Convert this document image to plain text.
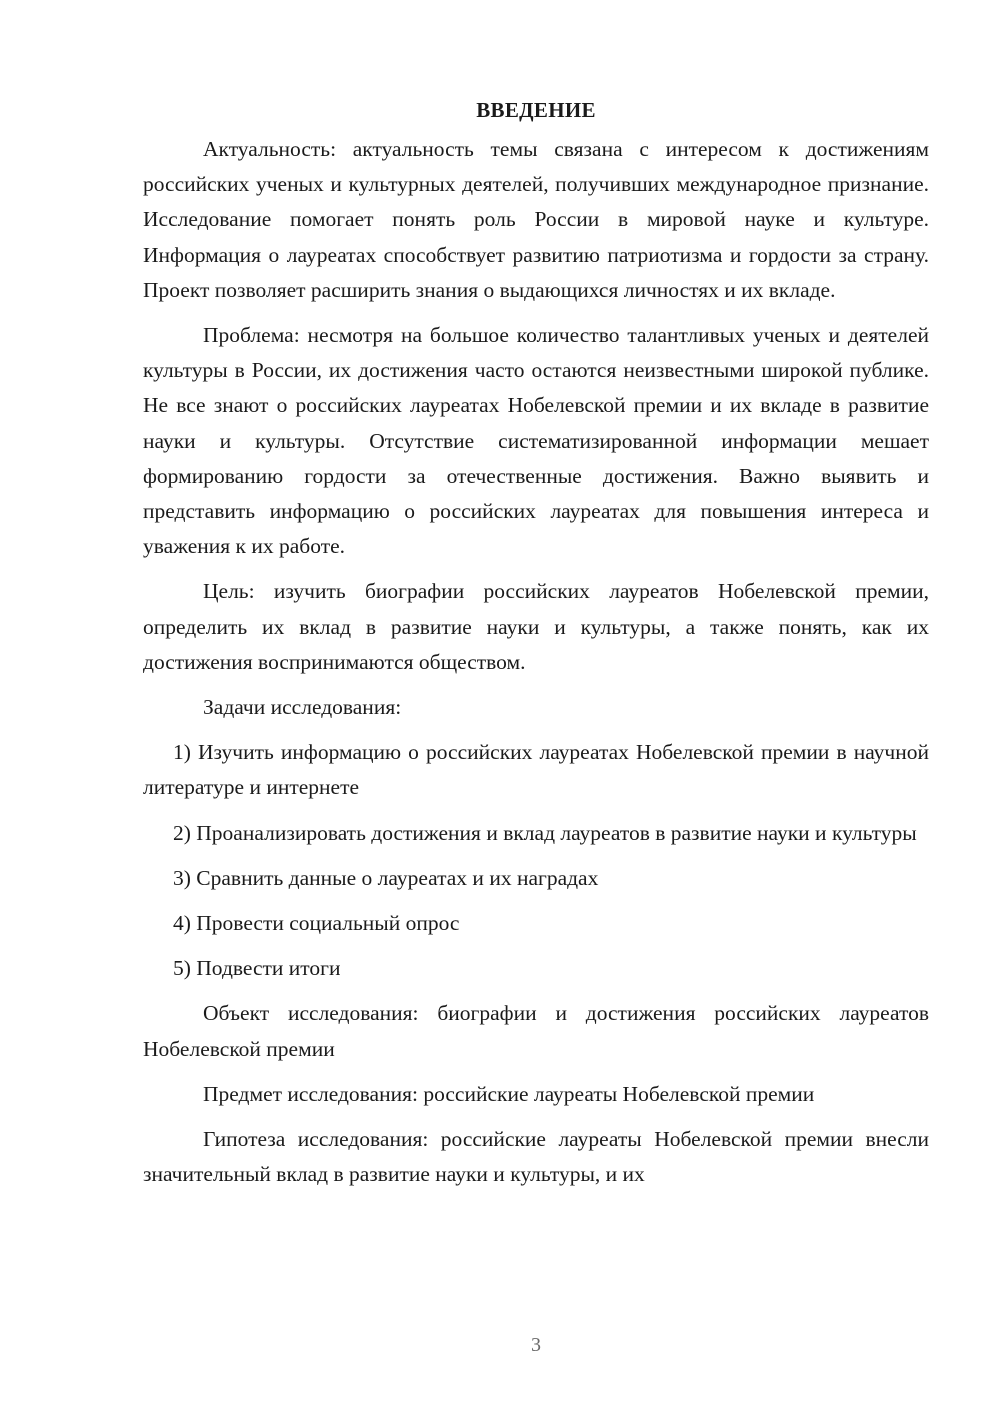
ВВЕДЕНИЕ

Актуальность: актуальность темы связана с интересом к достижениям российских ученых и культурных деятелей, получивших международное признание. Исследование помогает понять роль России в мировой науке и культуре. Информация о лауреатах способствует развитию патриотизма и гордости за страну. Проект позволяет расширить знания о выдающихся личностях и их вкладе.

Проблема: несмотря на большое количество талантливых ученых и деятелей культуры в России, их достижения часто остаются неизвестными широкой публике. Не все знают о российских лауреатах Нобелевской премии и их вкладе в развитие науки и культуры. Отсутствие систематизированной информации мешает формированию гордости за отечественные достижения. Важно выявить и представить информацию о российских лауреатах для повышения интереса и уважения к их работе.

Цель: изучить биографии российских лауреатов Нобелевской премии, определить их вклад в развитие науки и культуры, а также понять, как их достижения воспринимаются обществом.

Задачи исследования:

1) Изучить информацию о российских лауреатах Нобелевской премии в научной литературе и интернете

2) Проанализировать достижения и вклад лауреатов в развитие науки и культуры

3) Сравнить данные о лауреатах и их наградах

4) Провести социальный опрос

5) Подвести итоги

Объект исследования: биографии и достижения российских лауреатов Нобелевской премии

Предмет исследования: российские лауреаты Нобелевской премии

Гипотеза исследования: российские лауреаты Нобелевской премии внесли значительный вклад в развитие науки и культуры, и их

3
